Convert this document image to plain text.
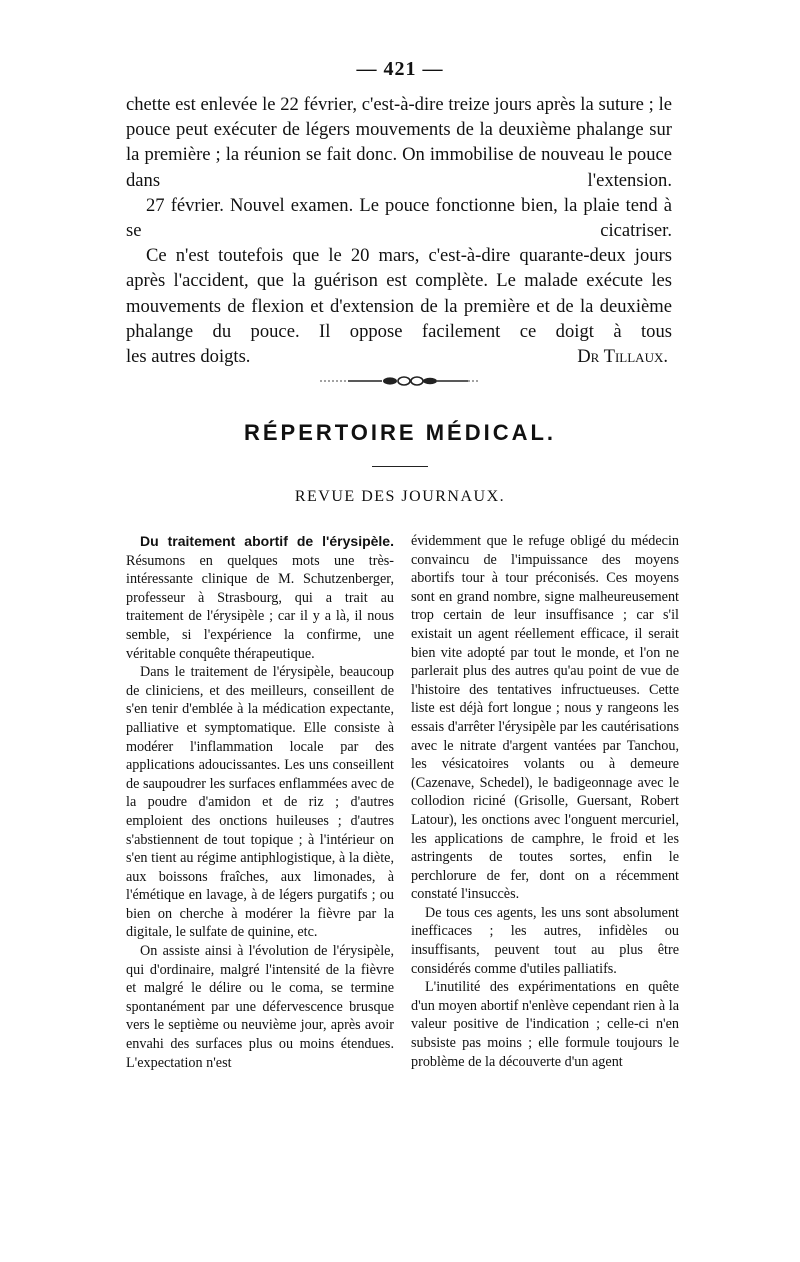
— 421 —

chette est enlevée le 22 février, c'est-à-dire treize jours après la suture ; le pouce peut exécuter de légers mouvements de la deuxième phalange sur la première ; la réunion se fait donc. On immobilise de nouveau le pouce dans l'extension.

27 février. Nouvel examen. Le pouce fonctionne bien, la plaie tend à se cicatriser.

Ce n'est toutefois que le 20 mars, c'est-à-dire quarante-deux jours après l'accident, que la guérison est complète. Le malade exécute les mouvements de flexion et d'extension de la première et de la deuxième phalange du pouce. Il oppose facilement ce doigt à tous

les autres doigts.	Dr Tillaux.
RÉPERTOIRE MÉDICAL.
REVUE DES JOURNAUX.

Du traitement abortif de l'érysipèle. Résumons en quelques mots une très-intéressante clinique de M. Schutzenberger, professeur à Strasbourg, qui a trait au traitement de l'érysipèle ; car il y a là, il nous semble, si l'expérience la confirme, une véritable conquête thérapeutique.

Dans le traitement de l'érysipèle, beaucoup de cliniciens, et des meilleurs, conseillent de s'en tenir d'emblée à la médication expectante, palliative et symptomatique. Elle consiste à modérer l'inflammation locale par des applications adoucissantes. Les uns conseillent de saupoudrer les surfaces enflammées avec de la poudre d'amidon et de riz ; d'autres emploient des onctions huileuses ; d'autres s'abstiennent de tout topique ; à l'intérieur on s'en tient au régime antiphlogistique, à la diète, aux boissons fraîches, aux limonades, à l'émétique en lavage, à de légers purgatifs ; ou bien on cherche à modérer la fièvre par la digitale, le sulfate de quinine, etc.

On assiste ainsi à l'évolution de l'érysipèle, qui d'ordinaire, malgré l'intensité de la fièvre et malgré le délire ou le coma, se termine spontanément par une défervescence brusque vers le septième ou neuvième jour, après avoir envahi des surfaces plus ou moins étendues. L'expectation n'est

évidemment que le refuge obligé du médecin convaincu de l'impuissance des moyens abortifs tour à tour préconisés. Ces moyens sont en grand nombre, signe malheureusement trop certain de leur insuffisance ; car s'il existait un agent réellement efficace, il serait bien vite adopté par tout le monde, et l'on ne parlerait plus des autres qu'au point de vue de l'histoire des tentatives infructueuses. Cette liste est déjà fort longue ; nous y rangeons les essais d'arrêter l'érysipèle par les cautérisations avec le nitrate d'argent vantées par Tanchou, les vésicatoires volants ou à demeure (Cazenave, Schedel), le badigeonnage avec le collodion riciné (Grisolle, Guersant, Robert Latour), les onctions avec l'onguent mercuriel, les applications de camphre, le froid et les astringents de toutes sortes, enfin le perchlorure de fer, dont on a récemment constaté l'insuccès.

De tous ces agents, les uns sont absolument inefficaces ; les autres, infidèles ou insuffisants, peuvent tout au plus être considérés comme d'utiles palliatifs.

L'inutilité des expérimentations en quête d'un moyen abortif n'enlève cependant rien à la valeur positive de l'indication ; celle-ci n'en subsiste pas moins ; elle formule toujours le problème de la découverte d'un agent
